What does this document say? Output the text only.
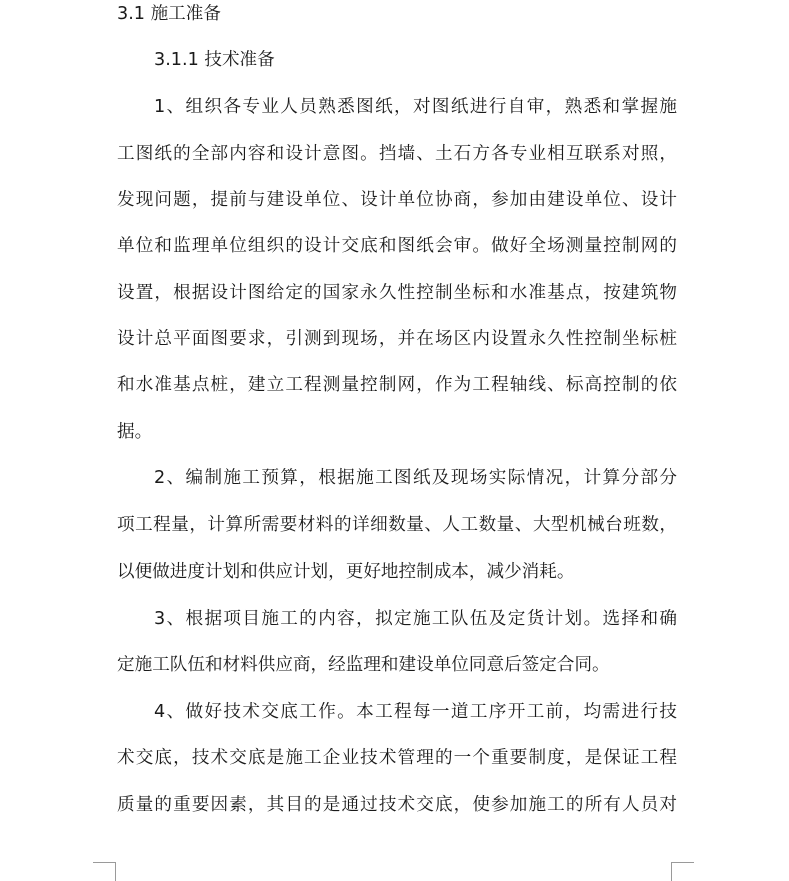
3.1 施工准备
3.1.1 技术准备
1、组织各专业人员熟悉图纸，对图纸进行自审，熟悉和掌握施
工图纸的全部内容和设计意图。挡墙、土石方各专业相互联系对照，
发现问题，提前与建设单位、设计单位协商，参加由建设单位、设计
单位和监理单位组织的设计交底和图纸会审。做好全场测量控制网的
设置，根据设计图给定的国家永久性控制坐标和水准基点，按建筑物
设计总平面图要求，引测到现场，并在场区内设置永久性控制坐标桩
和水准基点桩，建立工程测量控制网，作为工程轴线、标高控制的依
据。
2、编制施工预算，根据施工图纸及现场实际情况，计算分部分
项工程量，计算所需要材料的详细数量、人工数量、大型机械台班数，
以便做进度计划和供应计划，更好地控制成本，减少消耗。
3、根据项目施工的内容，拟定施工队伍及定货计划。选择和确
定施工队伍和材料供应商，经监理和建设单位同意后签定合同。
4、做好技术交底工作。本工程每一道工序开工前，均需进行技
术交底，技术交底是施工企业技术管理的一个重要制度，是保证工程
质量的重要因素，其目的是通过技术交底，使参加施工的所有人员对
